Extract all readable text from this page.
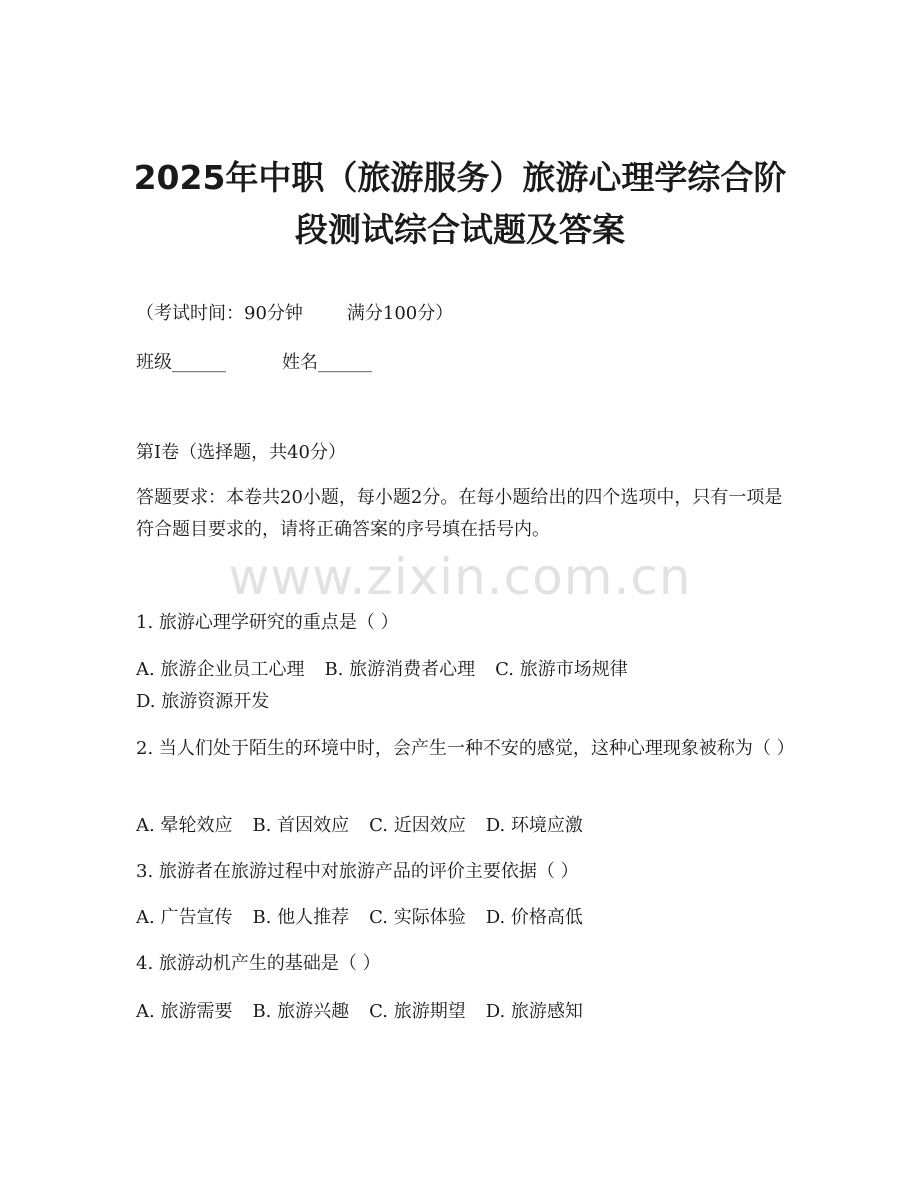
2025年中职（旅游服务）旅游心理学综合阶
段测试综合试题及答案

（考试时间：90分钟 满分100分）

班级______	姓名______

第I卷（选择题，共40分）

答题要求：本卷共20小题，每小题2分。在每小题给出的四个选项中，只有一项是符合题目要求的，请将正确答案的序号填在括号内。

www.zixin.com.cn

1. 旅游心理学研究的重点是（ ）

A. 旅游企业员工心理 B. 旅游消费者心理 C. 旅游市场规律D. 旅游资源开发

2. 当人们处于陌生的环境中时，会产生一种不安的感觉，这种心理现象被称为（ ）

A. 晕轮效应 B. 首因效应 C. 近因效应 D. 环境应激

3. 旅游者在旅游过程中对旅游产品的评价主要依据（ ）

A. 广告宣传 B. 他人推荐 C. 实际体验 D. 价格高低

4. 旅游动机产生的基础是（ ）

A. 旅游需要 B. 旅游兴趣 C. 旅游期望 D. 旅游感知
